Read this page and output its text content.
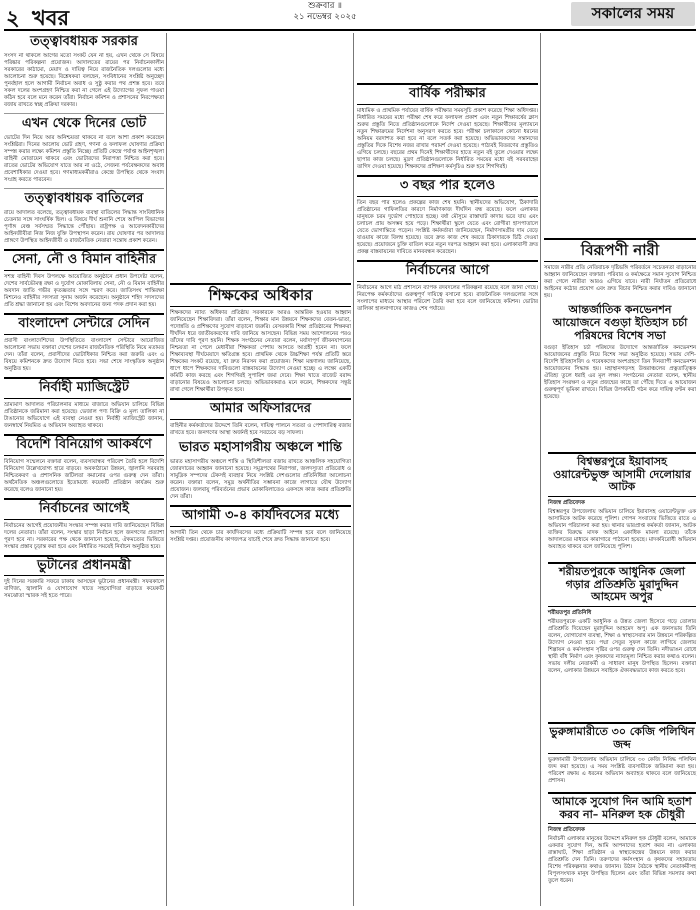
২ খবর	শুক্রবার ॥
২১ নভেম্বর ২০২৫	সকালের সময়
তত্ত্বাবধায়ক সরকার

সংসদ না থাকলে আগের মতো সংকট যেন না হয়, এখন থেকে সে বিষয়ে পরিষ্কার পরিকল্পনা প্রয়োজন। আদালতের রায়ের পর নির্বাচনকালীন সরকারের কাঠামো, মেয়াদ ও দায়িত্ব নিয়ে রাজনৈতিক দলগুলোর মধ্যে আলোচনা শুরু হয়েছে। বিশ্লেষকরা বলছেন, সংবিধানের সংশ্লিষ্ট অনুচ্ছেদ পুনর্বহাল হলে আগামী নির্বাচন অবাধ ও সুষ্ঠু করার পথ প্রশস্ত হবে। তবে সকল দলের অংশগ্রহণ নিশ্চিত করা না গেলে এই উদ্যোগের সুফল পাওয়া কঠিন হবে বলে মনে করেন তাঁরা। নির্বাচন কমিশন ও প্রশাসনের নিরপেক্ষতা বজায় রাখতে স্বচ্ছ প্রক্রিয়া দরকার।

এখন থেকে দিনের ভোট

ভোটের দিন নিয়ে আর অনিশ্চয়তা থাকবে না বলে আশা প্রকাশ করেছেন সংশ্লিষ্টরা। দিনের আলোয় ভোট গ্রহণ, গণনা ও ফলাফল ঘোষণার প্রক্রিয়া সম্পন্ন করার লক্ষ্যে কমিশন প্রস্তুতি নিচ্ছে। প্রতিটি কেন্দ্রে পর্যাপ্ত আইনশৃঙ্খলা বাহিনী মোতায়েন থাকবে এবং ভোটারদের নিরাপত্তা নিশ্চিত করা হবে। রাতের ভোটের অভিযোগ যাতে আর না ওঠে, সেজন্য পর্যবেক্ষকদের অবাধ প্রবেশাধিকার দেওয়া হবে। গণমাধ্যমকর্মীরাও কেন্দ্রে উপস্থিত থেকে সংবাদ সংগ্রহ করতে পারবেন।

তত্ত্বাবধায়ক বাতিলের

রায়ে আদালত বলেছে, তত্ত্বাবধায়ক ব্যবস্থা বাতিলের সিদ্ধান্ত সাংবিধানিক চেতনার সঙ্গে সাংঘর্ষিক ছিল। এ বিষয়ে দীর্ঘ শুনানি শেষে আপিল বিভাগের পূর্ণাঙ্গ বেঞ্চ সর্বসম্মত সিদ্ধান্তে পৌঁছায়। রাষ্ট্রপক্ষ ও আবেদনকারীদের আইনজীবীরা নিজ নিজ যুক্তি উপস্থাপন করেন। রায় ঘোষণার পর আদালত প্রাঙ্গণে উপস্থিত আইনজীবী ও রাজনৈতিক নেতারা সন্তোষ প্রকাশ করেন।

সেনা, নৌ ও বিমান বাহিনীর

সশস্ত্র বাহিনী দিবস উপলক্ষে আয়োজিত অনুষ্ঠানে প্রধান উপদেষ্টা বলেন, দেশের সার্বভৌমত্ব রক্ষা ও দুর্যোগ মোকাবিলায় সেনা, নৌ ও বিমান বাহিনীর অবদান জাতি গভীর কৃতজ্ঞতার সঙ্গে স্মরণ করে। জাতিসংঘ শান্তিরক্ষা মিশনেও বাহিনীর সদস্যরা সুনাম অর্জন করেছেন। অনুষ্ঠানে শহিদ সদস্যদের প্রতি শ্রদ্ধা জানানো হয় এবং বিশেষ অবদানের জন্য পদক প্রদান করা হয়।

বাংলাদেশ সেন্টারে সেদিন

প্রবাসী বাংলাদেশিদের উপস্থিতিতে বাংলাদেশ সেন্টারে আয়োজিত আলোচনা সভায় বক্তারা দেশের চলমান রাজনৈতিক পরিস্থিতি নিয়ে মতামত দেন। তাঁরা বলেন, প্রবাসীদের ভোটাধিকার নিশ্চিত করা জরুরি এবং এ বিষয়ে কমিশনকে দ্রুত উদ্যোগ নিতে হবে। সভা শেষে সাংস্কৃতিক অনুষ্ঠান অনুষ্ঠিত হয়।

নির্বাহী ম্যাজিস্ট্রেট

ভ্রাম্যমাণ আদালত পরিচালনার মাধ্যমে বাজারে অভিযান চালিয়ে বিভিন্ন প্রতিষ্ঠানকে জরিমানা করা হয়েছে। ভেজাল পণ্য বিক্রি ও মূল্য তালিকা না টাঙানোর অভিযোগে এই ব্যবস্থা নেওয়া হয়। নির্বাহী ম্যাজিস্ট্রেট জানান, জনস্বার্থে নিয়মিত এ অভিযান অব্যাহত থাকবে।

বিদেশি বিনিয়োগ আকর্ষণে

বিনিয়োগ সম্মেলনে বক্তারা বলেন, ব্যবসাবান্ধব পরিবেশ তৈরি হলে বিদেশি বিনিয়োগ উল্লেখযোগ্য হারে বাড়বে। অবকাঠামো উন্নয়ন, জ্বালানি সরবরাহ নিশ্চিতকরণ ও প্রশাসনিক জটিলতা কমানোর ওপর গুরুত্ব দেন তাঁরা। অর্থনৈতিক অঞ্চলগুলোতে ইতোমধ্যে কয়েকটি প্রতিষ্ঠান কার্যক্রম শুরু করেছে বলেও জানানো হয়।

নির্বাচনের আগেই

নির্বাচনের আগেই প্রয়োজনীয় সংস্কার সম্পন্ন করার দাবি জানিয়েছেন বিভিন্ন দলের নেতারা। তাঁরা বলেন, সংস্কার ছাড়া নির্বাচন হলে জনগণের প্রত্যাশা পূরণ হবে না। সরকারের পক্ষ থেকে জানানো হয়েছে, ঐকমত্যের ভিত্তিতে সংস্কার প্রস্তাব চূড়ান্ত করা হবে এবং নির্ধারিত সময়েই নির্বাচন অনুষ্ঠিত হবে।

ভুটানের প্রধানমন্ত্রী

দুই দিনের সরকারি সফরে ঢাকায় আসছেন ভুটানের প্রধানমন্ত্রী। সফরকালে বাণিজ্য, জ্বালানি ও যোগাযোগ খাতে সহযোগিতা বাড়াতে কয়েকটি সমঝোতা স্মারক সই হতে পারে।

শিক্ষকের অধিকার

শিক্ষকদের ন্যায্য অধিকার প্রতিষ্ঠায় সরকারকে আরও আন্তরিক হওয়ার আহ্বান জানিয়েছেন শিক্ষাবিদরা। তাঁরা বলেন, শিক্ষার মান উন্নয়নে শিক্ষকদের বেতন-ভাতা, পদোন্নতি ও প্রশিক্ষণের সুযোগ বাড়ানো জরুরি। বেসরকারি শিক্ষা প্রতিষ্ঠানের শিক্ষকরা দীর্ঘদিন ধরে জাতীয়করণের দাবি জানিয়ে আসছেন। বিভিন্ন সময় আন্দোলনের পরও তাঁদের দাবি পূরণ হয়নি। শিক্ষক সংগঠনের নেতারা বলেন, মর্যাদাপূর্ণ জীবনযাপনের নিশ্চয়তা না পেলে মেধাবীরা শিক্ষকতা পেশায় আসতে আগ্রহী হবেন না। ফলে শিক্ষাব্যবস্থা দীর্ঘমেয়াদে ক্ষতিগ্রস্ত হবে। প্রাথমিক থেকে উচ্চশিক্ষা পর্যন্ত প্রতিটি স্তরে শিক্ষকের সংকট রয়েছে, যা দ্রুত নিরসন করা প্রয়োজন। শিক্ষা মন্ত্রণালয় জানিয়েছে, ধাপে ধাপে শিক্ষকদের দাবিগুলো বাস্তবায়নের উদ্যোগ নেওয়া হচ্ছে। এ লক্ষ্যে একটি কমিটি কাজ করছে এবং শিগগিরই সুপারিশ জমা দেবে। শিক্ষা খাতে বাজেট বরাদ্দ বাড়ানোর বিষয়েও আলোচনা চলছে। অভিভাবকরাও মনে করেন, শিক্ষকদের সন্তুষ্ট রাখা গেলে শিক্ষার্থীরা উপকৃত হবে।

আমার অফিসারদের

বাহিনীর কর্মকর্তাদের উদ্দেশে তিনি বলেন, দায়িত্ব পালনে সততা ও পেশাদারিত্ব বজায় রাখতে হবে। জনগণের আস্থা অর্জনই হবে সবচেয়ে বড় সাফল্য।

ভারত মহাসাগরীয় অঞ্চলে শান্তি

ভারত মহাসাগরীয় অঞ্চলে শান্তি ও স্থিতিশীলতা বজায় রাখতে আঞ্চলিক সহযোগিতা জোরদারের আহ্বান জানানো হয়েছে। সমুদ্রপথের নিরাপত্তা, জলদস্যুতা প্রতিরোধ ও সামুদ্রিক সম্পদের টেকসই ব্যবহার নিয়ে সংশ্লিষ্ট দেশগুলোর প্রতিনিধিরা আলোচনা করেন। বক্তারা বলেন, সমুদ্র অর্থনীতির সম্ভাবনা কাজে লাগাতে যৌথ উদ্যোগ প্রয়োজন। জলবায়ু পরিবর্তনের প্রভাব মোকাবিলাতেও একসঙ্গে কাজ করার প্রতিশ্রুতি দেন তাঁরা।

আগামী ৩-৪ কার্যদিবসের মধ্যে

আগামী তিন থেকে চার কার্যদিবসের মধ্যে প্রক্রিয়াটি সম্পন্ন হবে বলে জানিয়েছে সংশ্লিষ্ট দপ্তর। প্রয়োজনীয় কাগজপত্র যাচাই শেষে দ্রুত সিদ্ধান্ত জানানো হবে।

বার্ষিক পরীক্ষার

মাধ্যমিক ও প্রাথমিক পর্যায়ের বার্ষিক পরীক্ষার সময়সূচি প্রকাশ করেছে শিক্ষা অধিদপ্তর। নির্ধারিত সময়ের মধ্যে পরীক্ষা শেষ করে ফলাফল প্রকাশ এবং নতুন শিক্ষাবর্ষের ক্লাস শুরুর প্রস্তুতি নিতে প্রতিষ্ঠানগুলোকে নির্দেশ দেওয়া হয়েছে। শিক্ষার্থীদের মূল্যায়নে নতুন শিক্ষাক্রমের নির্দেশনা অনুসরণ করতে হবে। পরীক্ষা চলাকালে কোনো ধরনের অনিয়ম বরদাশত করা হবে না বলে সতর্ক করা হয়েছে। অভিভাবকদের সন্তানদের প্রস্তুতির দিকে বিশেষ নজর রাখার পরামর্শ দেওয়া হয়েছে। পাঠ্যবই বিতরণের প্রস্তুতিও এগিয়ে চলছে। বছরের প্রথম দিনেই শিক্ষার্থীদের হাতে নতুন বই তুলে দেওয়ার লক্ষ্যে ছাপার কাজ চলছে। মুদ্রণ প্রতিষ্ঠানগুলোকে নির্ধারিত সময়ের মধ্যে বই সরবরাহের তাগিদ দেওয়া হয়েছে। শিক্ষকদের প্রশিক্ষণ কর্মসূচিও শুরু হবে শিগগিরই।

৩ বছর পার হলেও

তিন বছর পার হলেও প্রকল্পের কাজ শেষ হয়নি। স্থানীয়দের অভিযোগ, ঠিকাদারি প্রতিষ্ঠানের গাফিলতির কারণে নির্মাণকাজ দীর্ঘদিন বন্ধ রয়েছে। ফলে এলাকার মানুষকে চরম দুর্ভোগ পোহাতে হচ্ছে। বর্ষা মৌসুমে রাস্তাঘাট কাদায় ভরে যায় এবং চলাচল প্রায় অসম্ভব হয়ে পড়ে। শিক্ষার্থীরা স্কুলে যেতে এবং রোগীরা হাসপাতালে যেতে ভোগান্তিতে পড়েন। সংশ্লিষ্ট কর্মকর্তারা জানিয়েছেন, নির্মাণসামগ্রীর দাম বেড়ে যাওয়ায় কাজে বিলম্ব হয়েছে। তবে দ্রুত কাজ শেষ করতে ঠিকাদারকে চিঠি দেওয়া হয়েছে। প্রয়োজনে চুক্তি বাতিল করে নতুন দরপত্র আহ্বান করা হবে। এলাকাবাসী দ্রুত প্রকল্প বাস্তবায়নের দাবিতে মানববন্ধন করেছেন।

নির্বাচনের আগে

নির্বাচনের আগে মাঠ প্রশাসনে ব্যাপক রদবদলের পরিকল্পনা রয়েছে বলে জানা গেছে। নিরপেক্ষ কর্মকর্তাদের গুরুত্বপূর্ণ দায়িত্বে বসানো হবে। রাজনৈতিক দলগুলোর সঙ্গে সংলাপের মাধ্যমে আস্থার পরিবেশ তৈরি করা হবে বলে জানিয়েছে কমিশন। ভোটার তালিকা হালনাগাদের কাজও শেষ পর্যায়ে।

বিরূপণী নারী

সমাজে নারীর প্রতি নেতিবাচক দৃষ্টিভঙ্গি পরিবর্তনে সচেতনতা বাড়ানোর আহ্বান জানিয়েছেন বক্তারা। পরিবার ও কর্মক্ষেত্রে সমান সুযোগ নিশ্চিত করা গেলে নারীরা আরও এগিয়ে যাবে। নারী নির্যাতন প্রতিরোধে আইনের কঠোর প্রয়োগ এবং দ্রুত বিচার নিশ্চিত করার দাবিও জানানো হয়।

আন্তর্জাতিক কনভেনশন আয়োজনে বগুড়া ইতিহাস চর্চা পরিষদের বিশেষ সভা

বগুড়া ইতিহাস চর্চা পরিষদের উদ্যোগে আন্তর্জাতিক কনভেনশন আয়োজনের প্রস্তুতি নিয়ে বিশেষ সভা অনুষ্ঠিত হয়েছে। সভায় দেশি-বিদেশি ইতিহাসবিদ ও গবেষকদের অংশগ্রহণে তিন দিনব্যাপী কনভেনশন আয়োজনের সিদ্ধান্ত হয়। মহাস্থানগড়সহ উত্তরাঞ্চলের প্রত্নতাত্ত্বিক ঐতিহ্য তুলে ধরাই এর মূল লক্ষ্য। সংগঠনের নেতারা বলেন, স্থানীয় ইতিহাস সংরক্ষণ ও নতুন প্রজন্মের কাছে তা পৌঁছে দিতে এ আয়োজন গুরুত্বপূর্ণ ভূমিকা রাখবে। বিভিন্ন উপকমিটি গঠন করে দায়িত্ব বণ্টন করা হয়েছে।

বিশ্বম্ভরপুরে ইয়াবাসহ ওয়ারেন্টভুক্ত আসামী দেলোয়ার আটক

নিজস্ব প্রতিবেদক

বিশ্বম্ভরপুর উপজেলায় অভিযান চালিয়ে ইয়াবাসহ ওয়ারেন্টভুক্ত এক আসামিকে আটক করেছে পুলিশ। গোপন সংবাদের ভিত্তিতে রাতে এ অভিযান পরিচালনা করা হয়। থানার ভারপ্রাপ্ত কর্মকর্তা জানান, আটক ব্যক্তির বিরুদ্ধে মাদক আইনে একাধিক মামলা রয়েছে। তাঁকে আদালতের মাধ্যমে কারাগারে পাঠানো হয়েছে। মাদকবিরোধী অভিযান অব্যাহত থাকবে বলে জানিয়েছে পুলিশ।

শরীয়তপুরকে আধুনিক জেলা গড়ার প্রতিশ্রুতি মুরাদুদ্দিন আহমেদ অপুর

শরীয়তপুর প্রতিনিধি

শরীয়তপুরকে একটি আধুনিক ও উন্নত জেলা হিসেবে গড়ে তোলার প্রতিশ্রুতি দিয়েছেন মুরাদুদ্দিন আহমেদ অপু। এক জনসভায় তিনি বলেন, যোগাযোগ ব্যবস্থা, শিক্ষা ও স্বাস্থ্যসেবার মান উন্নয়নে পরিকল্পিত উদ্যোগ নেওয়া হবে। পদ্মা সেতুর সুফল কাজে লাগিয়ে জেলায় শিল্পায়ন ও কর্মসংস্থান সৃষ্টির ওপর গুরুত্ব দেন তিনি। নদীভাঙন রোধে স্থায়ী বাঁধ নির্মাণ এবং কৃষকদের ন্যায্যমূল্য নিশ্চিত করার কথাও বলেন। সভায় দলীয় নেতাকর্মী ও সাধারণ মানুষ উপস্থিত ছিলেন। বক্তারা বলেন, এলাকার উন্নয়নে সবাইকে ঐক্যবদ্ধভাবে কাজ করতে হবে।

ভুরুঙ্গামারীতে ৩০ কেজি পলিথিন জব্দ

ভুরুঙ্গামারী উপজেলায় অভিযান চালিয়ে ৩০ কেজি নিষিদ্ধ পলিথিন জব্দ করা হয়েছে। এ সময় সংশ্লিষ্ট ব্যবসায়ীকে জরিমানা করা হয়। পরিবেশ রক্ষায় এ ধরনের অভিযান অব্যাহত থাকবে বলে জানিয়েছে প্রশাসন।

আমাকে সুযোগ দিন আমি হতাশ করব না– মনিরুল হক চৌধুরী

নিজস্ব প্রতিবেদক

নির্বাচনী এলাকার মানুষের উদ্দেশে মনিরুল হক চৌধুরী বলেন, আমাকে একবার সুযোগ দিন, আমি আপনাদের হতাশ করব না। এলাকার রাস্তাঘাট, শিক্ষা প্রতিষ্ঠান ও স্বাস্থ্যকেন্দ্রের উন্নয়নে কাজ করার প্রতিশ্রুতি দেন তিনি। তরুণদের কর্মসংস্থান ও কৃষকদের সহায়তায় বিশেষ পরিকল্পনার কথাও জানান। উঠান বৈঠকে স্থানীয় নেতাকর্মীসহ বিপুলসংখ্যক মানুষ উপস্থিত ছিলেন এবং তাঁরা বিভিন্ন সমস্যার কথা তুলে ধরেন।
